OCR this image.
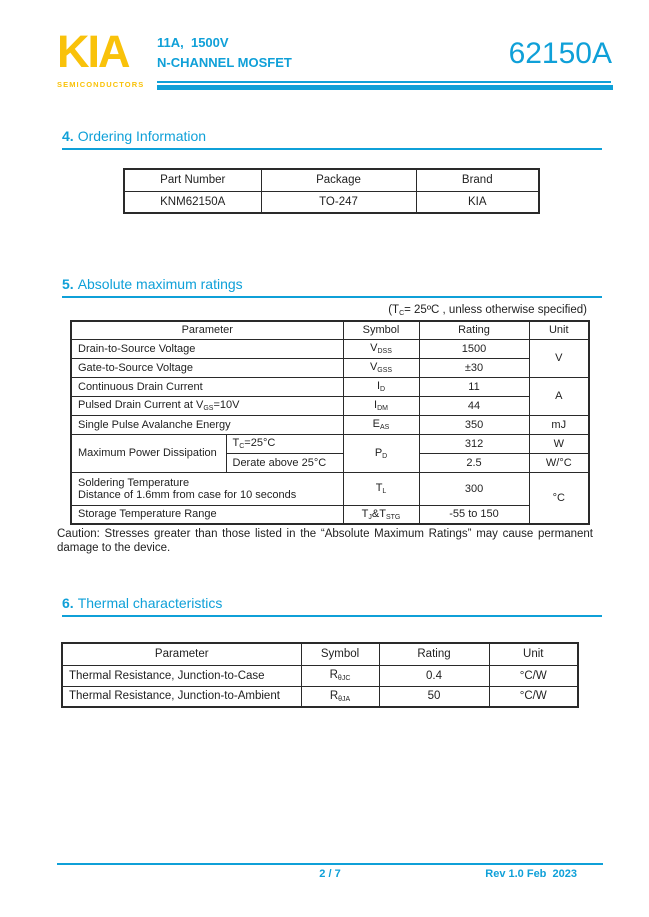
KIA
SEMICONDUCTORS
11A,  1500V
N-CHANNEL MOSFET	62150A
4. Ordering Information
Part Number	Package	Brand
KNM62150A	TO-247	KIA
5. Absolute maximum ratings
($T_C=$ 25ºC , unless otherwise specified)
Parameter		Symbol	Rating	Unit
Drain-to-Source Voltage		$V_{DSS}$	1500	V
Gate-to-Source Voltage		$V_{GSS}$	±30	
Continuous Drain Current		$I_D$	11	A
Pulsed Drain Current at $V_{GS}=10V$		$I_{DM}$	44	
Single Pulse Avalanche Energy		$E_{AS}$	350	mJ
Maximum Power Dissipation	$T_C=25^\circ C$	$P_D$	312	W
	Derate above 25°C		2.5	W/°C

Soldering Temperature
Distance of 1.6mm from case for 10 seconds		$T_L$	300	°C
Storage Temperature Range		$T_J\&T_{STG}$	-55 to 150	
Caution: Stresses greater than those listed in the “Absolute Maximum Ratings” may cause permanent
damage to the device.
6. Thermal characteristics
Parameter	Symbol	Rating	Unit
Thermal Resistance, Junction-to-Case	$R_{\theta JC}$	0.4	°C/W
Thermal Resistance, Junction-to-Ambient	$R_{\theta JA}$	50	°C/W
2 / 7	Rev 1.0 Feb  2023
